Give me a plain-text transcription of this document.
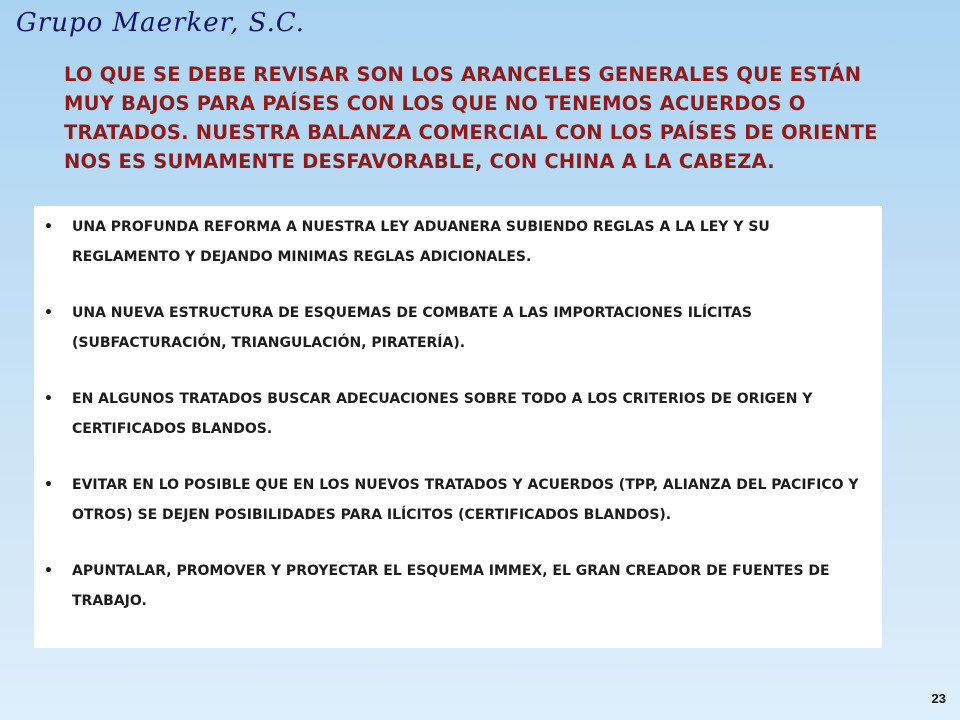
Grupo Maerker, S.C.

LO QUE SE DEBE REVISAR SON LOS ARANCELES GENERALES QUE ESTÁN MUY BAJOS PARA PAÍSES CON LOS QUE NO TENEMOS ACUERDOS O TRATADOS. NUESTRA BALANZA COMERCIAL CON LOS PAÍSES DE ORIENTE NOS ES SUMAMENTE DESFAVORABLE, CON CHINA A LA CABEZA.

• UNA PROFUNDA REFORMA A NUESTRA LEY ADUANERA SUBIENDO REGLAS A LA LEY Y SU REGLAMENTO Y DEJANDO MINIMAS REGLAS ADICIONALES.
• UNA NUEVA ESTRUCTURA DE ESQUEMAS DE COMBATE A LAS IMPORTACIONES ILÍCITAS (SUBFACTURACIÓN, TRIANGULACIÓN, PIRATERÍA).
• EN ALGUNOS TRATADOS BUSCAR ADECUACIONES SOBRE TODO A LOS CRITERIOS DE ORIGEN Y CERTIFICADOS BLANDOS.
• EVITAR EN LO POSIBLE QUE EN LOS NUEVOS TRATADOS Y ACUERDOS (TPP, ALIANZA DEL PACIFICO Y OTROS) SE DEJEN POSIBILIDADES PARA ILÍCITOS (CERTIFICADOS BLANDOS).
• APUNTALAR, PROMOVER Y PROYECTAR EL ESQUEMA IMMEX, EL GRAN CREADOR DE FUENTES DE TRABAJO.
23
